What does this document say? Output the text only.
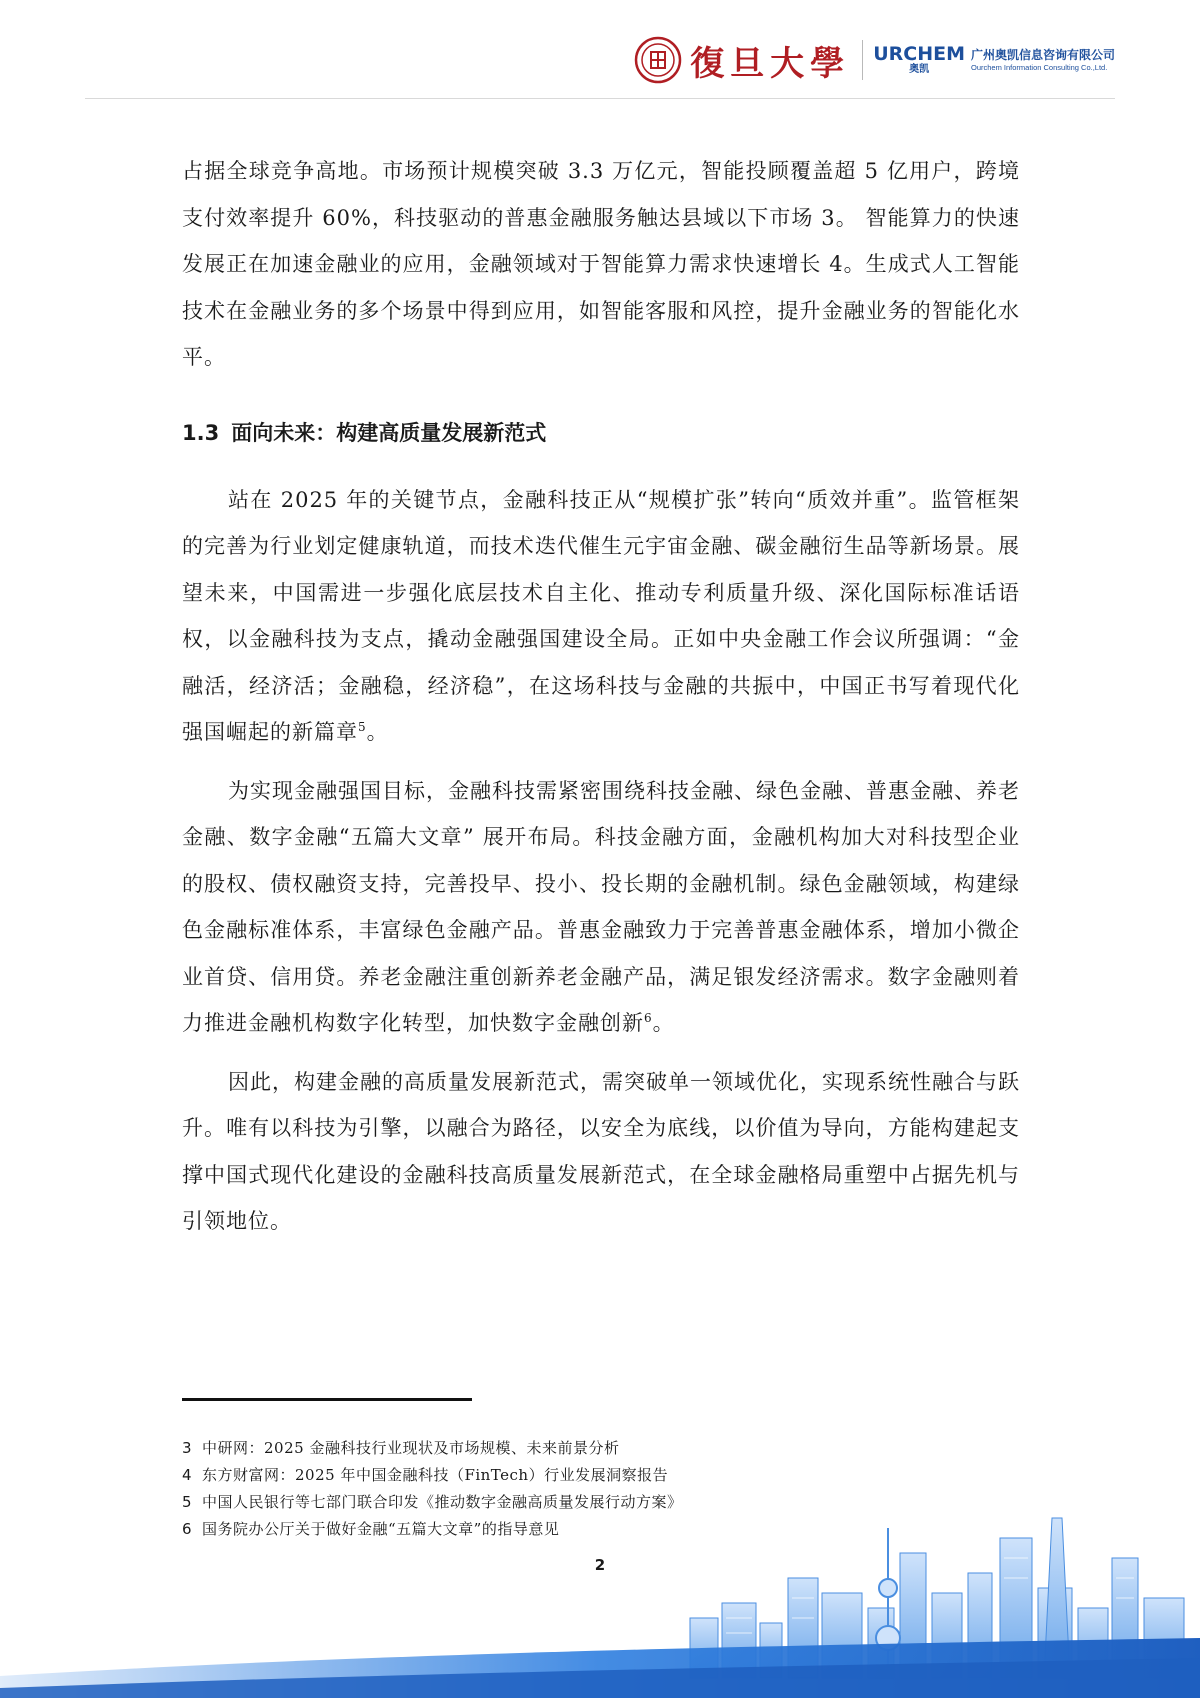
復旦大學 URCHEM
奥凯
广州奥凯信息咨询有限公司
Ourchem Information Consulting Co.,Ltd.

占据全球竞争高地。市场预计规模突破 3.3 万亿元，智能投顾覆盖超 5 亿用户，跨境支付效率提升 60%，科技驱动的普惠金融服务触达县域以下市场 3。 智能算力的快速发展正在加速金融业的应用，金融领域对于智能算力需求快速增长 4。生成式人工智能技术在金融业务的多个场景中得到应用，如智能客服和风控，提升金融业务的智能化水平。

1.3 面向未来：构建高质量发展新范式

站在 2025 年的关键节点，金融科技正从“规模扩张”转向“质效并重”。监管框架的完善为行业划定健康轨道，而技术迭代催生元宇宙金融、碳金融衍生品等新场景。展望未来，中国需进一步强化底层技术自主化、推动专利质量升级、深化国际标准话语权，以金融科技为支点，撬动金融强国建设全局。正如中央金融工作会议所强调：“金融活，经济活；金融稳，经济稳”，在这场科技与金融的共振中，中国正书写着现代化强国崛起的新篇章$^5$。

为实现金融强国目标，金融科技需紧密围绕科技金融、绿色金融、普惠金融、养老金融、数字金融“五篇大文章” 展开布局。科技金融方面，金融机构加大对科技型企业的股权、债权融资支持，完善投早、投小、投长期的金融机制。绿色金融领域，构建绿色金融标准体系，丰富绿色金融产品。普惠金融致力于完善普惠金融体系，增加小微企业首贷、信用贷。养老金融注重创新养老金融产品，满足银发经济需求。数字金融则着力推进金融机构数字化转型，加快数字金融创新$^6$。

因此，构建金融的高质量发展新范式，需突破单一领域优化，实现系统性融合与跃升。唯有以科技为引擎，以融合为路径，以安全为底线，以价值为导向，方能构建起支撑中国式现代化建设的金融科技高质量发展新范式，在全球金融格局重塑中占据先机与引领地位。

3 中研网：2025 金融科技行业现状及市场规模、未来前景分析
4 东方财富网：2025 年中国金融科技（FinTech）行业发展洞察报告
5 中国人民银行等七部门联合印发《推动数字金融高质量发展行动方案》
6 国务院办公厅关于做好金融“五篇大文章”的指导意见
2
